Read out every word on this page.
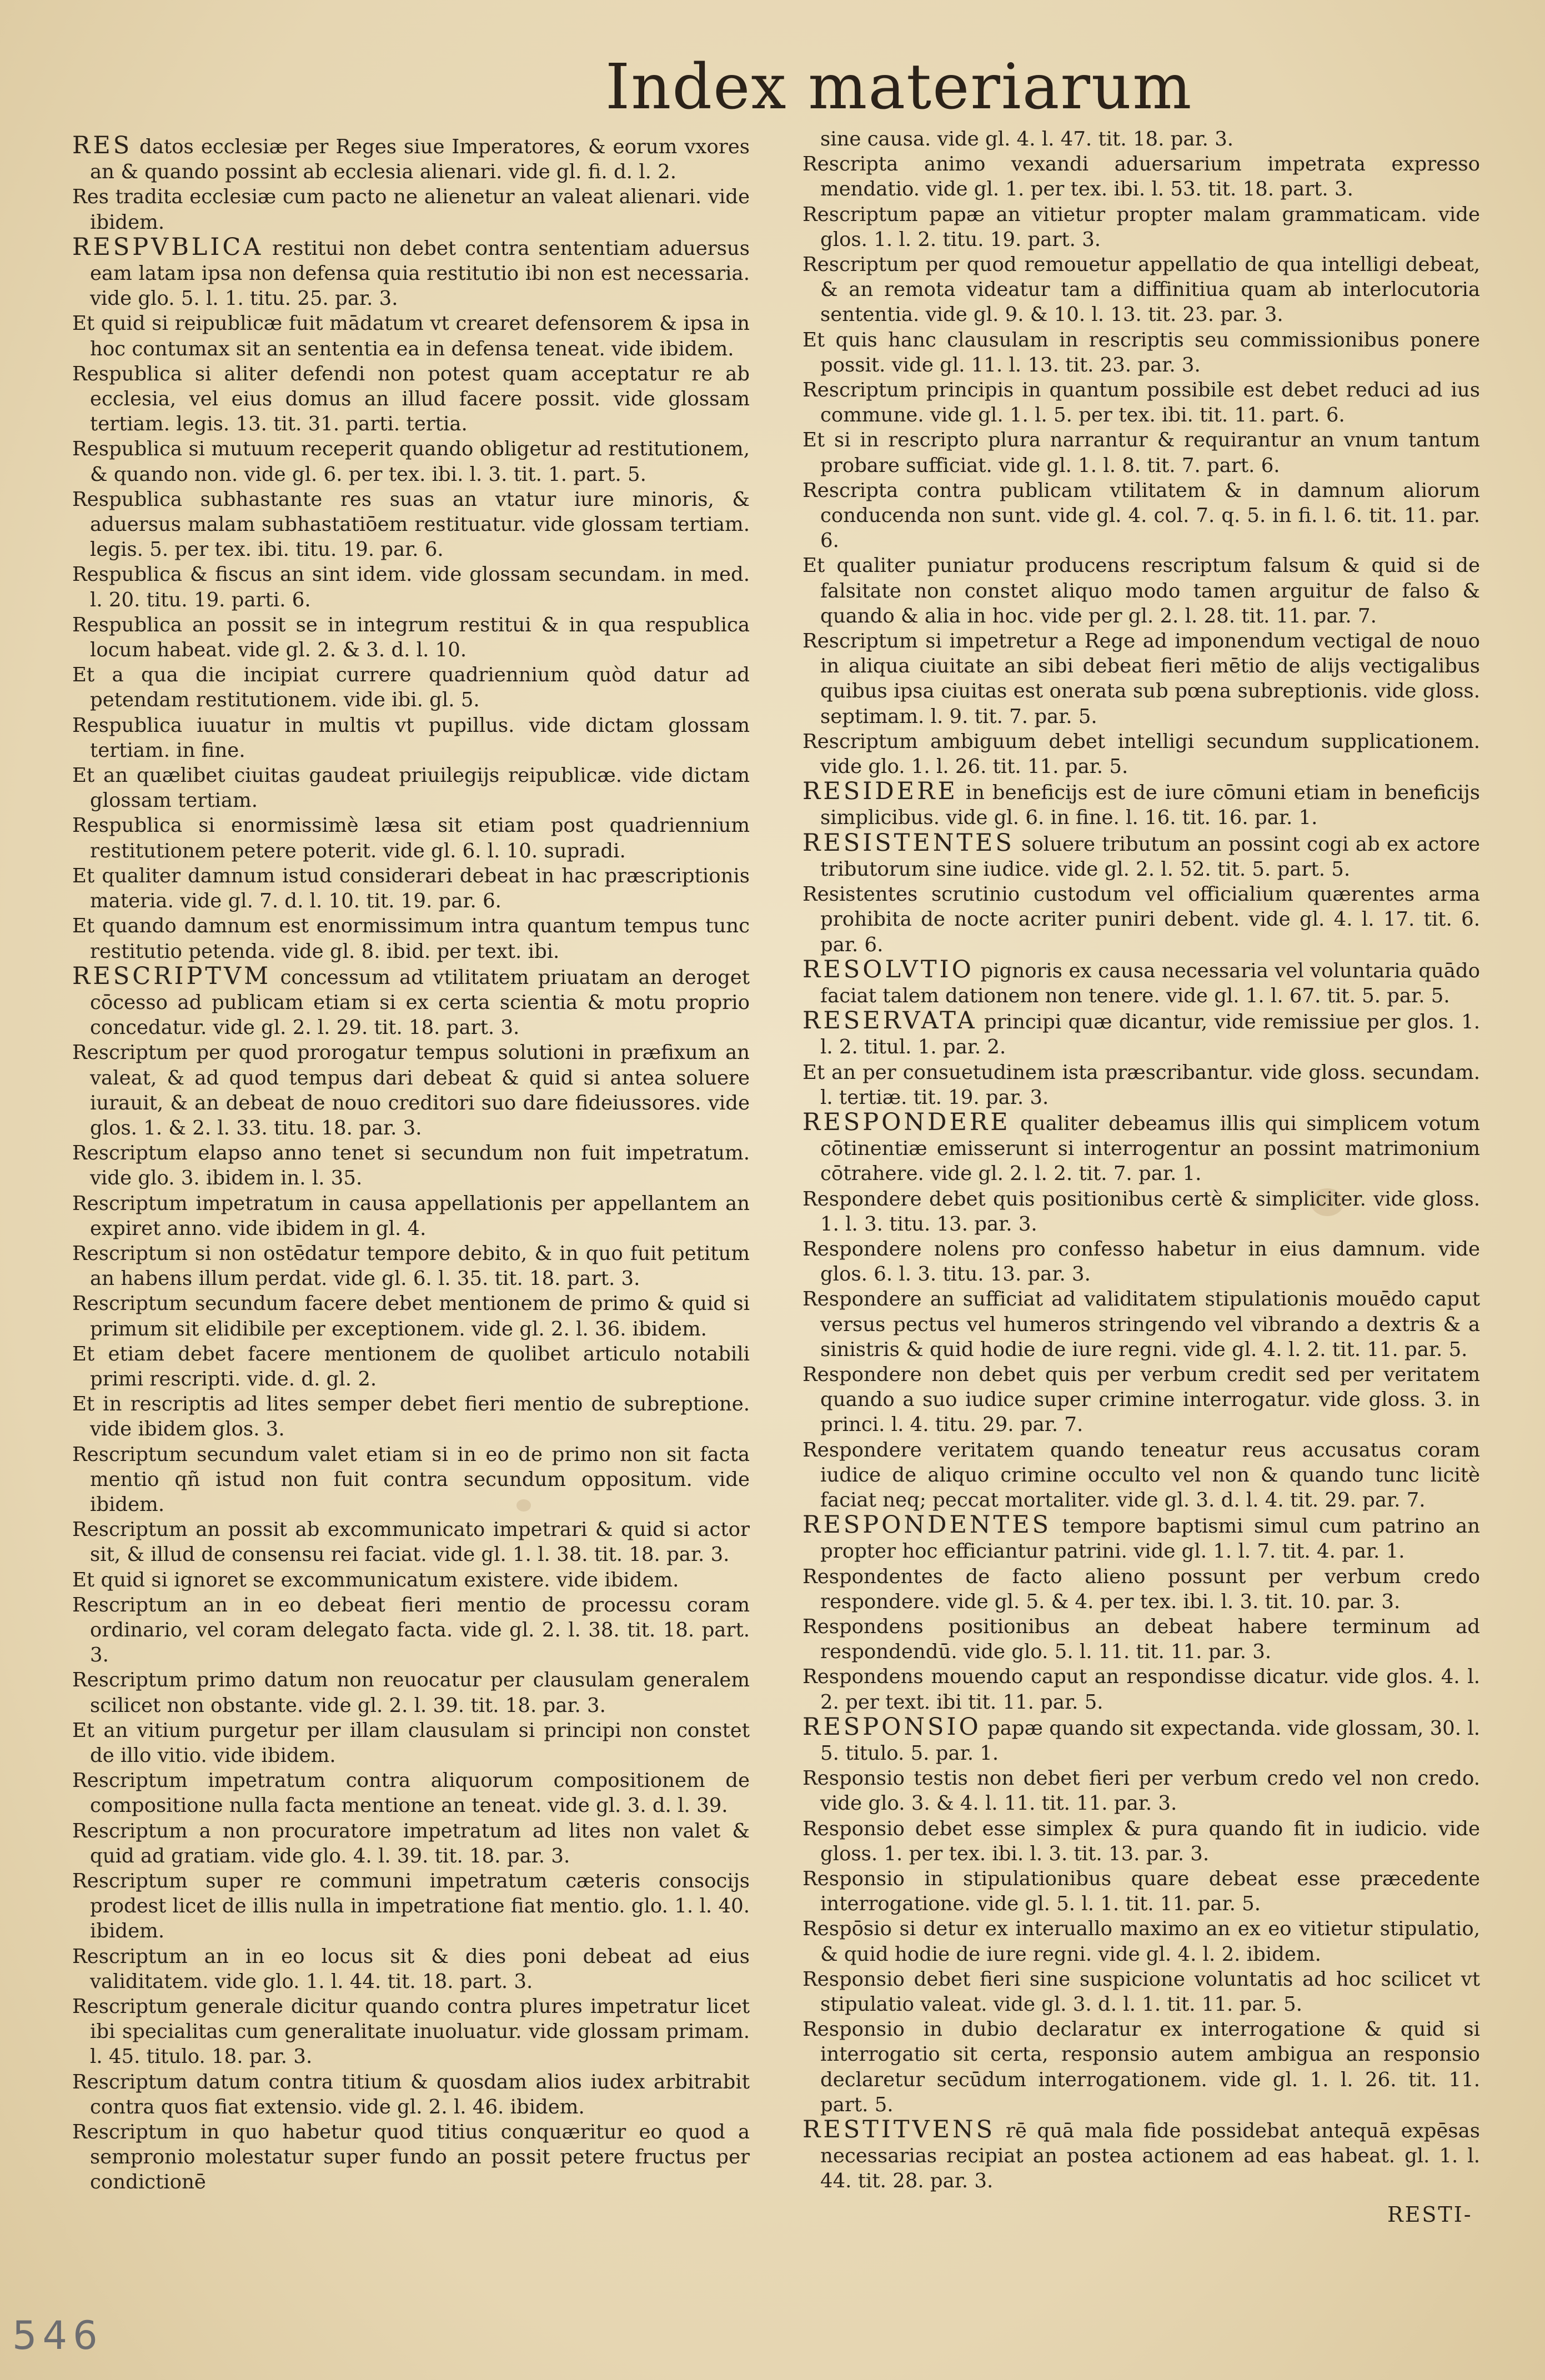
Index materiarum
RES datos ecclesiæ per Reges siue Imperatores, & eorum vxores an & quando possint ab ecclesia alienari. vide gl. fi. d. l. 2.
Res tradita ecclesiæ cum pacto ne alienetur an valeat alienari. vide ibidem.
RESPVBLICA restitui non debet contra sententiam aduersus eam latam ipsa non defensa quia restitutio ibi non est necessaria. vide glo. 5. l. 1. titu. 25. par. 3.
Et quid si reipublicæ fuit mādatum vt crearet defensorem & ipsa in hoc contumax sit an sententia ea in defensa teneat. vide ibidem.
Respublica si aliter defendi non potest quam acceptatur re ab ecclesia, vel eius domus an illud facere possit. vide glossam tertiam. legis. 13. tit. 31. parti. tertia.
Respublica si mutuum receperit quando obligetur ad restitutionem, & quando non. vide gl. 6. per tex. ibi. l. 3. tit. 1. part. 5.
Respublica subhastante res suas an vtatur iure minoris, & aduersus malam subhastatiōem restituatur. vide glossam tertiam. legis. 5. per tex. ibi. titu. 19. par. 6.
Respublica & fiscus an sint idem. vide glossam secundam. in med. l. 20. titu. 19. parti. 6.
Respublica an possit se in integrum restitui & in qua respublica locum habeat. vide gl. 2. & 3. d. l. 10.
Et a qua die incipiat currere quadriennium quòd datur ad petendam restitutionem. vide ibi. gl. 5.
Respublica iuuatur in multis vt pupillus. vide dictam glossam tertiam. in fine.
Et an quælibet ciuitas gaudeat priuilegijs reipublicæ. vide dictam glossam tertiam.
Respublica si enormissimè læsa sit etiam post quadriennium restitutionem petere poterit. vide gl. 6. l. 10. supradi.
Et qualiter damnum istud considerari debeat in hac præscriptionis materia. vide gl. 7. d. l. 10. tit. 19. par. 6.
Et quando damnum est enormissimum intra quantum tempus tunc restitutio petenda. vide gl. 8. ibid. per text. ibi.
RESCRIPTVM concessum ad vtilitatem priuatam an deroget cōcesso ad publicam etiam si ex certa scientia & motu proprio concedatur. vide gl. 2. l. 29. tit. 18. part. 3.
Rescriptum per quod prorogatur tempus solutioni in præfixum an valeat, & ad quod tempus dari debeat & quid si antea soluere iurauit, & an debeat de nouo creditori suo dare fideiussores. vide glos. 1. & 2. l. 33. titu. 18. par. 3.
Rescriptum elapso anno tenet si secundum non fuit impetratum. vide glo. 3. ibidem in. l. 35.
Rescriptum impetratum in causa appellationis per appellantem an expiret anno. vide ibidem in gl. 4.
Rescriptum si non ostēdatur tempore debito, & in quo fuit petitum an habens illum perdat. vide gl. 6. l. 35. tit. 18. part. 3.
Rescriptum secundum facere debet mentionem de primo & quid si primum sit elidibile per exceptionem. vide gl. 2. l. 36. ibidem.
Et etiam debet facere mentionem de quolibet articulo notabili primi rescripti. vide. d. gl. 2.
Et in rescriptis ad lites semper debet fieri mentio de subreptione. vide ibidem glos. 3.
Rescriptum secundum valet etiam si in eo de primo non sit facta mentio qñ istud non fuit contra secundum oppositum. vide ibidem.
Rescriptum an possit ab excommunicato impetrari & quid si actor sit, & illud de consensu rei faciat. vide gl. 1. l. 38. tit. 18. par. 3.
Et quid si ignoret se excommunicatum existere. vide ibidem.
Rescriptum an in eo debeat fieri mentio de processu coram ordinario, vel coram delegato facta. vide gl. 2. l. 38. tit. 18. part. 3.
Rescriptum primo datum non reuocatur per clausulam generalem scilicet non obstante. vide gl. 2. l. 39. tit. 18. par. 3.
Et an vitium purgetur per illam clausulam si principi non constet de illo vitio. vide ibidem.
Rescriptum impetratum contra aliquorum compositionem de compositione nulla facta mentione an teneat. vide gl. 3. d. l. 39.
Rescriptum a non procuratore impetratum ad lites non valet & quid ad gratiam. vide glo. 4. l. 39. tit. 18. par. 3.
Rescriptum super re communi impetratum cæteris consocijs prodest licet de illis nulla in impetratione fiat mentio. glo. 1. l. 40. ibidem.
Rescriptum an in eo locus sit & dies poni debeat ad eius validitatem. vide glo. 1. l. 44. tit. 18. part. 3.
Rescriptum generale dicitur quando contra plures impetratur licet ibi specialitas cum generalitate inuoluatur. vide glossam primam. l. 45. titulo. 18. par. 3.
Rescriptum datum contra titium & quosdam alios iudex arbitrabit contra quos fiat extensio. vide gl. 2. l. 46. ibidem.
Rescriptum in quo habetur quod titius conquæritur eo quod a sempronio molestatur super fundo an possit petere fructus per condictionē
sine causa. vide gl. 4. l. 47. tit. 18. par. 3.
Rescripta animo vexandi aduersarium impetrata expresso mendatio. vide gl. 1. per tex. ibi. l. 53. tit. 18. part. 3.
Rescriptum papæ an vitietur propter malam grammaticam. vide glos. 1. l. 2. titu. 19. part. 3.
Rescriptum per quod remouetur appellatio de qua intelligi debeat, & an remota videatur tam a diffinitiua quam ab interlocutoria sententia. vide gl. 9. & 10. l. 13. tit. 23. par. 3.
Et quis hanc clausulam in rescriptis seu commissionibus ponere possit. vide gl. 11. l. 13. tit. 23. par. 3.
Rescriptum principis in quantum possibile est debet reduci ad ius commune. vide gl. 1. l. 5. per tex. ibi. tit. 11. part. 6.
Et si in rescripto plura narrantur & requirantur an vnum tantum probare sufficiat. vide gl. 1. l. 8. tit. 7. part. 6.
Rescripta contra publicam vtilitatem & in damnum aliorum conducenda non sunt. vide gl. 4. col. 7. q. 5. in fi. l. 6. tit. 11. par. 6.
Et qualiter puniatur producens rescriptum falsum & quid si de falsitate non constet aliquo modo tamen arguitur de falso & quando & alia in hoc. vide per gl. 2. l. 28. tit. 11. par. 7.
Rescriptum si impetretur a Rege ad imponendum vectigal de nouo in aliqua ciuitate an sibi debeat fieri mētio de alijs vectigalibus quibus ipsa ciuitas est onerata sub pœna subreptionis. vide gloss. septimam. l. 9. tit. 7. par. 5.
Rescriptum ambiguum debet intelligi secundum supplicationem. vide glo. 1. l. 26. tit. 11. par. 5.
RESIDERE in beneficijs est de iure cōmuni etiam in beneficijs simplicibus. vide gl. 6. in fine. l. 16. tit. 16. par. 1.
RESISTENTES soluere tributum an possint cogi ab ex actore tributorum sine iudice. vide gl. 2. l. 52. tit. 5. part. 5.
Resistentes scrutinio custodum vel officialium quærentes arma prohibita de nocte acriter puniri debent. vide gl. 4. l. 17. tit. 6. par. 6.
RESOLVTIO pignoris ex causa necessaria vel voluntaria quādo faciat talem dationem non tenere. vide gl. 1. l. 67. tit. 5. par. 5.
RESERVATA principi quæ dicantur, vide remissiue per glos. 1. l. 2. titul. 1. par. 2.
Et an per consuetudinem ista præscribantur. vide gloss. secundam. l. tertiæ. tit. 19. par. 3.
RESPONDERE qualiter debeamus illis qui simplicem votum cōtinentiæ emisserunt si interrogentur an possint matrimonium cōtrahere. vide gl. 2. l. 2. tit. 7. par. 1.
Respondere debet quis positionibus certè & simpliciter. vide gloss. 1. l. 3. titu. 13. par. 3.
Respondere nolens pro confesso habetur in eius damnum. vide glos. 6. l. 3. titu. 13. par. 3.
Respondere an sufficiat ad validitatem stipulationis mouēdo caput versus pectus vel humeros stringendo vel vibrando a dextris & a sinistris & quid hodie de iure regni. vide gl. 4. l. 2. tit. 11. par. 5.
Respondere non debet quis per verbum credit sed per veritatem quando a suo iudice super crimine interrogatur. vide gloss. 3. in princi. l. 4. titu. 29. par. 7.
Respondere veritatem quando teneatur reus accusatus coram iudice de aliquo crimine occulto vel non & quando tunc licitè faciat neq; peccat mortaliter. vide gl. 3. d. l. 4. tit. 29. par. 7.
RESPONDENTES tempore baptismi simul cum patrino an propter hoc efficiantur patrini. vide gl. 1. l. 7. tit. 4. par. 1.
Respondentes de facto alieno possunt per verbum credo respondere. vide gl. 5. & 4. per tex. ibi. l. 3. tit. 10. par. 3.
Respondens positionibus an debeat habere terminum ad respondendū. vide glo. 5. l. 11. tit. 11. par. 3.
Respondens mouendo caput an respondisse dicatur. vide glos. 4. l. 2. per text. ibi tit. 11. par. 5.
RESPONSIO papæ quando sit expectanda. vide glossam, 30. l. 5. titulo. 5. par. 1.
Responsio testis non debet fieri per verbum credo vel non credo. vide glo. 3. & 4. l. 11. tit. 11. par. 3.
Responsio debet esse simplex & pura quando fit in iudicio. vide gloss. 1. per tex. ibi. l. 3. tit. 13. par. 3.
Responsio in stipulationibus quare debeat esse præcedente interrogatione. vide gl. 5. l. 1. tit. 11. par. 5.
Respōsio si detur ex interuallo maximo an ex eo vitietur stipulatio, & quid hodie de iure regni. vide gl. 4. l. 2. ibidem.
Responsio debet fieri sine suspicione voluntatis ad hoc scilicet vt stipulatio valeat. vide gl. 3. d. l. 1. tit. 11. par. 5.
Responsio in dubio declaratur ex interrogatione & quid si interrogatio sit certa, responsio autem ambigua an responsio declaretur secūdum interrogationem. vide gl. 1. l. 26. tit. 11. part. 5.
RESTITVENS rē quā mala fide possidebat antequā expēsas necessarias recipiat an postea actionem ad eas habeat. gl. 1. l. 44. tit. 28. par. 3.
RESTI-
546
